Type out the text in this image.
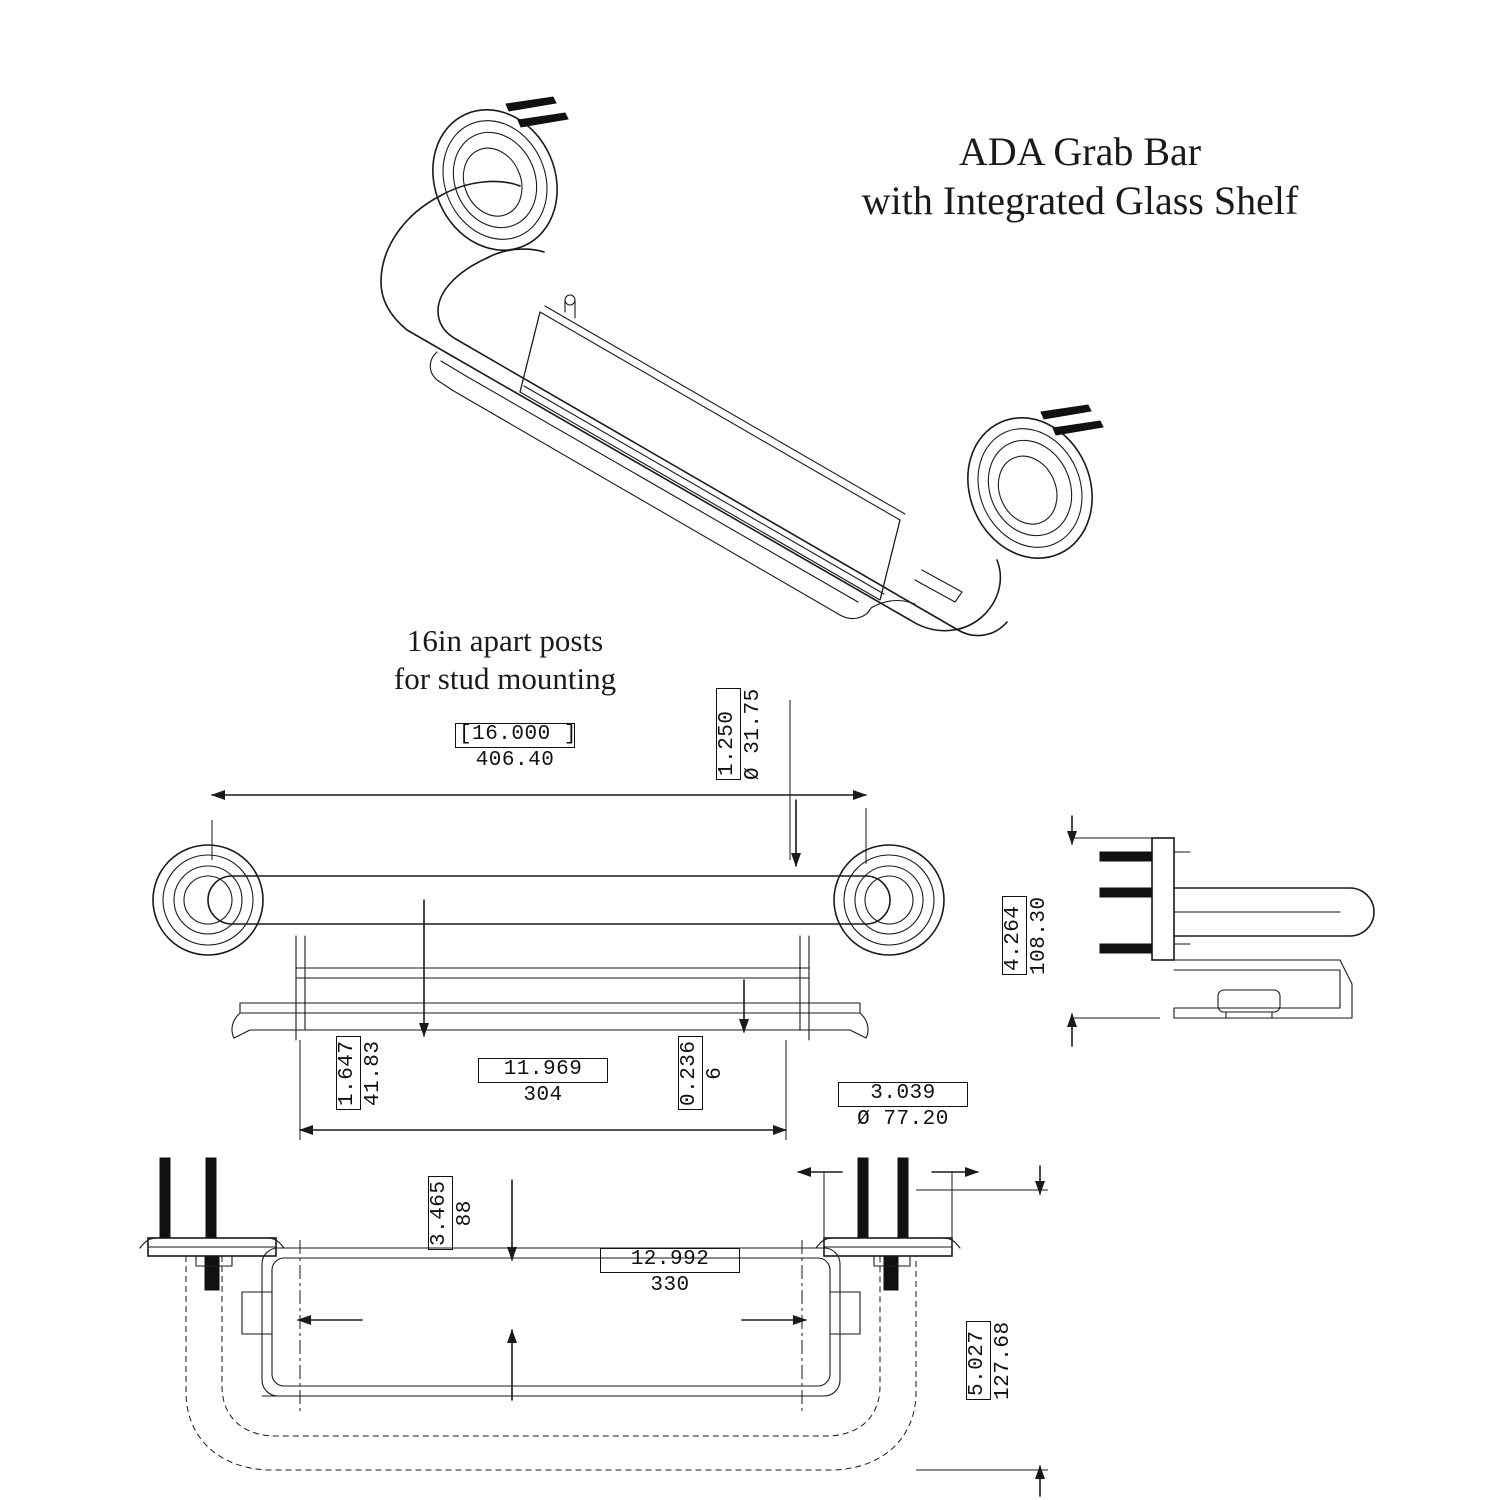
ADA Grab Bar
with Integrated Glass Shelf
16in apart posts
for stud mounting
[16.000 ]
406.40	1.250 Ø 31.75
1.647 41.83	11.969
304	0.236 6
4.264 108.30
3.039
Ø 77.20
3.465 88
12.992
330
5.027 127.68
